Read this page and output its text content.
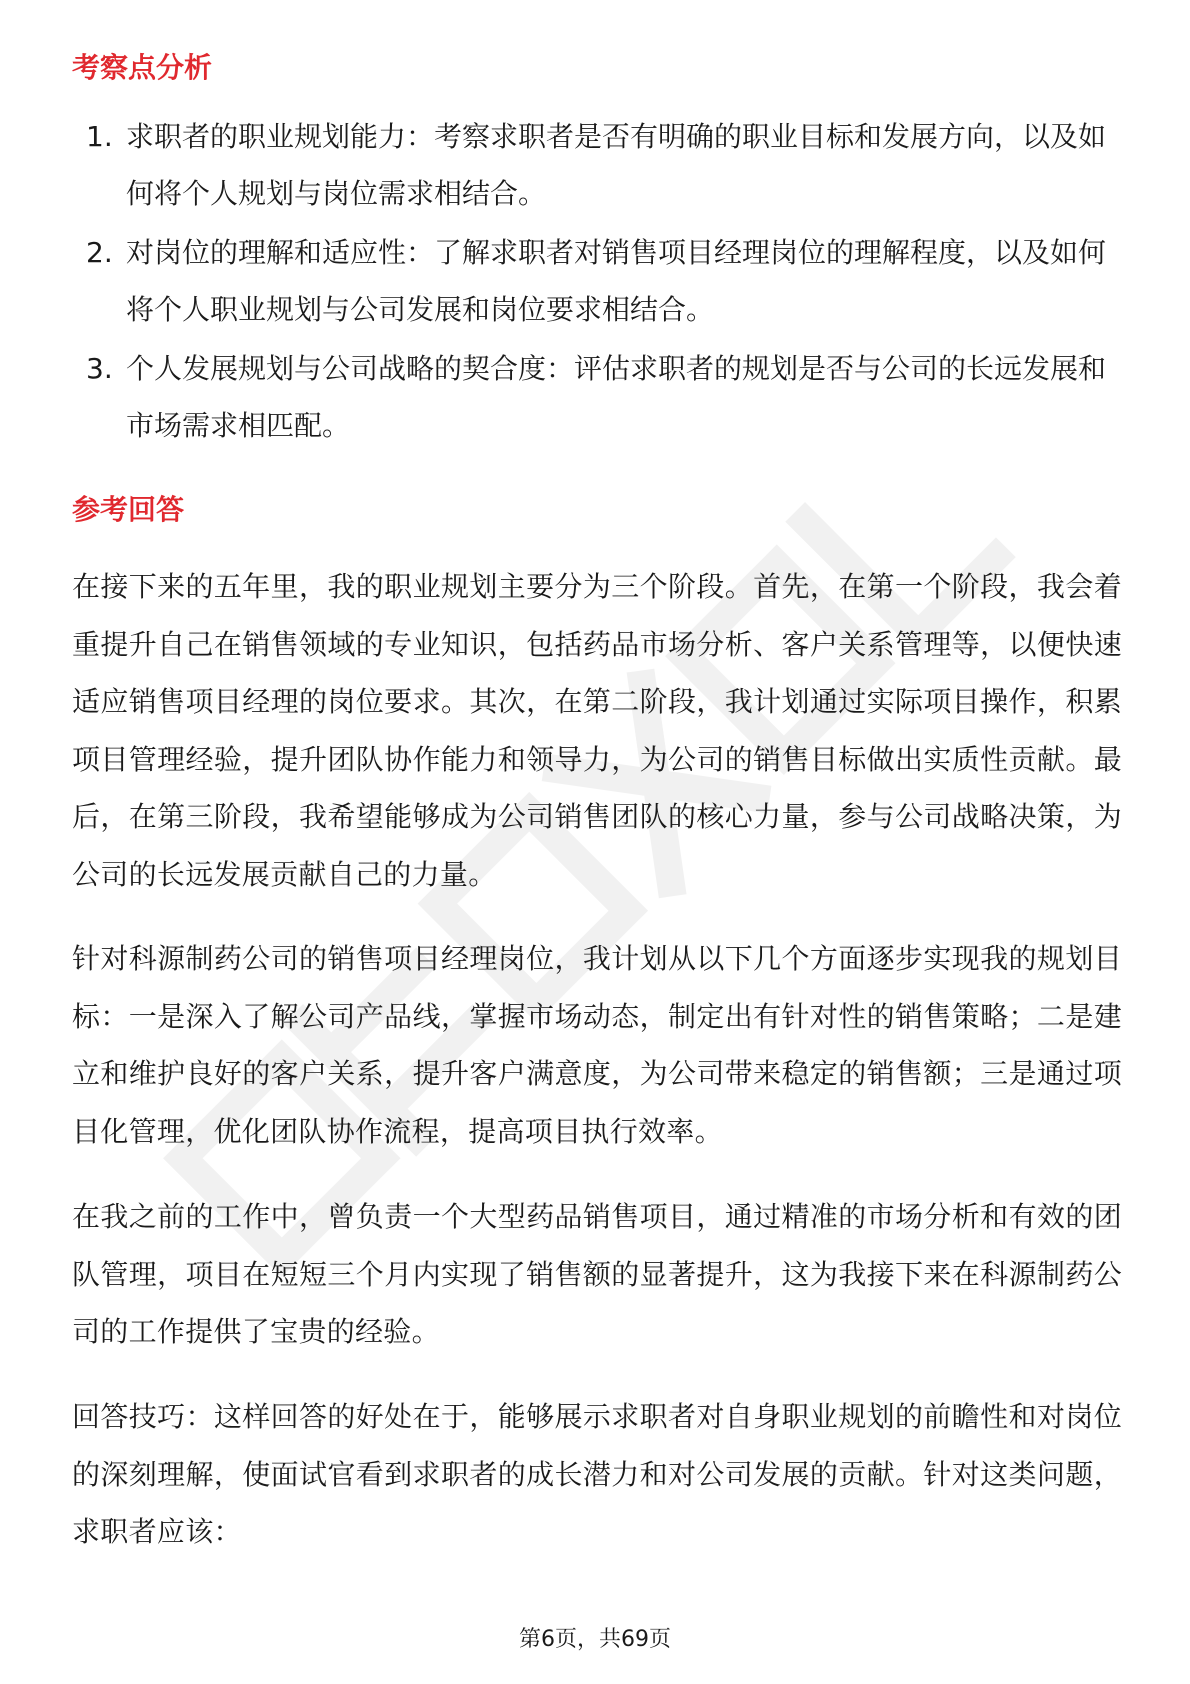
考察点分析
1. 求职者的职业规划能力：考察求职者是否有明确的职业目标和发展方向，以及如何将个人规划与岗位需求相结合。
2. 对岗位的理解和适应性：了解求职者对销售项目经理岗位的理解程度，以及如何将个人职业规划与公司发展和岗位要求相结合。
3. 个人发展规划与公司战略的契合度：评估求职者的规划是否与公司的长远发展和市场需求相匹配。
参考回答

在接下来的五年里，我的职业规划主要分为三个阶段。首先，在第一个阶段，我会着重提升自己在销售领域的专业知识，包括药品市场分析、客户关系管理等，以便快速适应销售项目经理的岗位要求。其次，在第二阶段，我计划通过实际项目操作，积累项目管理经验，提升团队协作能力和领导力，为公司的销售目标做出实质性贡献。最后，在第三阶段，我希望能够成为公司销售团队的核心力量，参与公司战略决策，为公司的长远发展贡献自己的力量。

针对科源制药公司的销售项目经理岗位，我计划从以下几个方面逐步实现我的规划目标：一是深入了解公司产品线，掌握市场动态，制定出有针对性的销售策略；二是建立和维护良好的客户关系，提升客户满意度，为公司带来稳定的销售额；三是通过项目化管理，优化团队协作流程，提高项目执行效率。

在我之前的工作中，曾负责一个大型药品销售项目，通过精准的市场分析和有效的团队管理，项目在短短三个月内实现了销售额的显著提升，这为我接下来在科源制药公司的工作提供了宝贵的经验。

回答技巧：这样回答的好处在于，能够展示求职者对自身职业规划的前瞻性和对岗位的深刻理解，使面试官看到求职者的成长潜力和对公司发展的贡献。针对这类问题，求职者应该：

第6页，共69页
